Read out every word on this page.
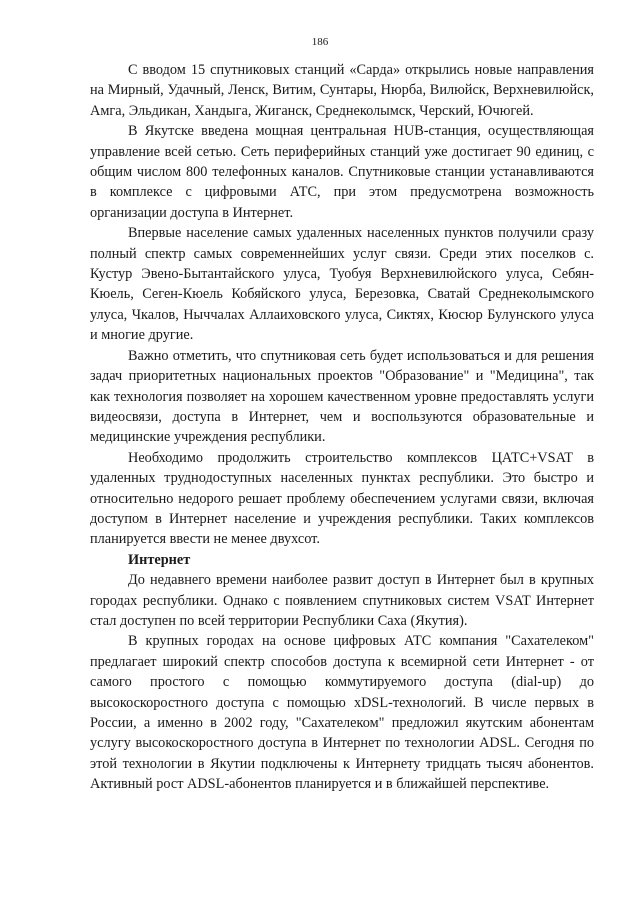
186

С вводом 15 спутниковых станций «Сарда» открылись новые направления на Мирный, Удачный, Ленск, Витим, Сунтары, Нюрба, Вилюйск, Верхневилюйск, Амга, Эльдикан, Хандыга, Жиганск, Среднеколымск, Черский, Ючюгей.

В Якутске введена мощная центральная HUB-станция, осуществляющая управление всей сетью. Сеть периферийных станций уже достигает 90 единиц, с общим числом 800 телефонных каналов. Спутниковые станции устанавливаются в комплексе с цифровыми АТС, при этом предусмотрена возможность организации доступа в Интернет.

Впервые население самых удаленных населенных пунктов получили сразу полный спектр самых современнейших услуг связи. Среди этих поселков с. Кустур Эвено-Бытантайского улуса, Туобуя Верхневилюйского улуса, Себян-Кюель, Сеген-Кюель Кобяйского улуса, Березовка, Сватай Среднеколымского улуса, Чкалов, Ныччалах Аллаиховского улуса, Сиктях, Кюсюр Булунского улуса и многие другие.

Важно отметить, что спутниковая сеть будет использоваться и для решения задач приоритетных национальных проектов "Образование" и "Медицина", так как технология позволяет на хорошем качественном уровне предоставлять услуги видеосвязи, доступа в Интернет, чем и воспользуются образовательные и медицинские учреждения республики.

Необходимо продолжить строительство комплексов ЦАТС+VSAT в удаленных труднодоступных населенных пунктах республики. Это быстро и относительно недорого решает проблему обеспечением услугами связи, включая доступом в Интернет население и учреждения республики. Таких комплексов планируется ввести не менее двухсот.

Интернет

До недавнего времени наиболее развит доступ в Интернет был в крупных городах республики. Однако с появлением спутниковых систем VSAT Интернет стал доступен по всей территории Республики Саха (Якутия).

В крупных городах на основе цифровых АТС компания "Сахателеком" предлагает широкий спектр способов доступа к всемирной сети Интернет - от самого простого с помощью коммутируемого доступа (dial-up) до высокоскоростного доступа с помощью xDSL-технологий. В числе первых в России, а именно в 2002 году, "Сахателеком" предложил якутским абонентам услугу высокоскоростного доступа в Интернет по технологии ADSL. Сегодня по этой технологии в Якутии подключены к Интернету тридцать тысяч абонентов. Активный рост ADSL-абонентов планируется и в ближайшей перспективе.
